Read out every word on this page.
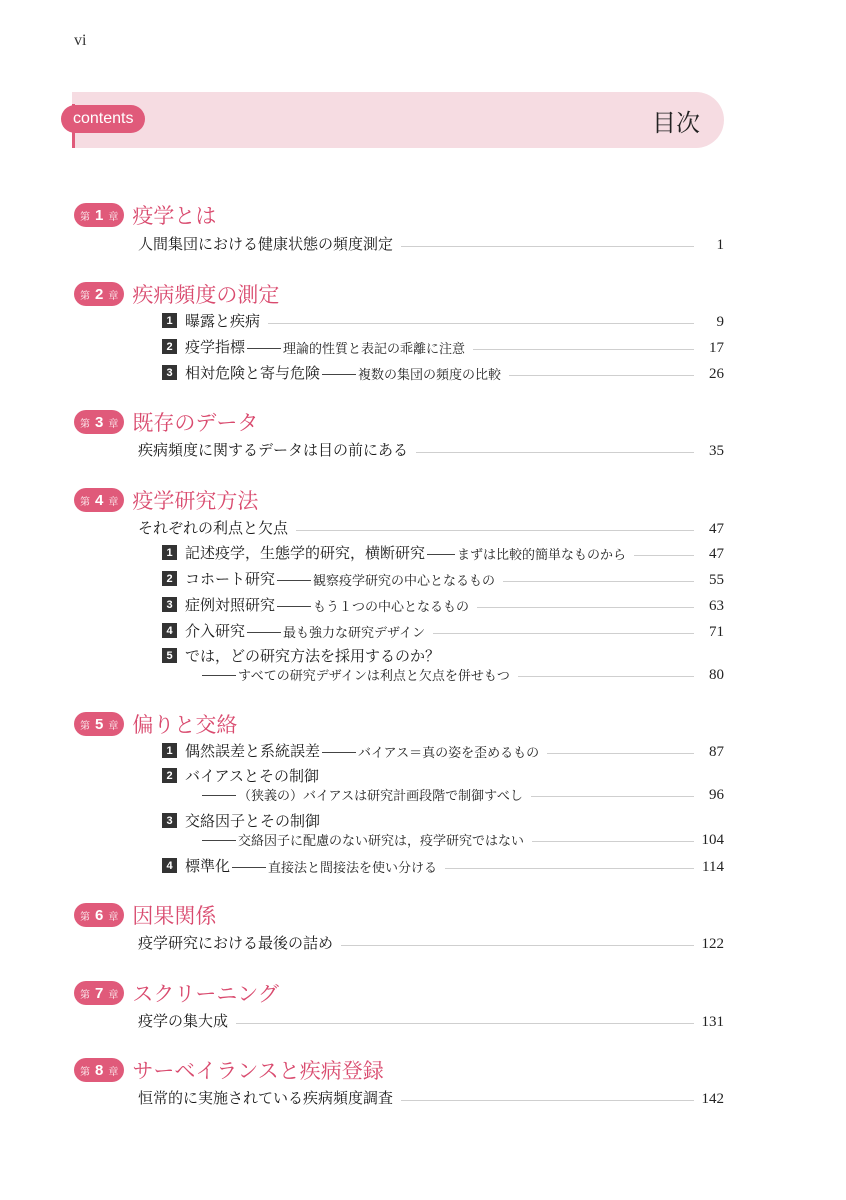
vi
contents	目次
第 1 章 疫学とは
人間集団における健康状態の頻度測定	1
第 2 章 疾病頻度の測定
1 曝露と疾病	9
2 疫学指標	理論的性質と表記の乖離に注意	17
3 相対危険と寄与危険	複数の集団の頻度の比較	26
第 3 章 既存のデータ
疾病頻度に関するデータは目の前にある	35
第 4 章 疫学研究方法
それぞれの利点と欠点	47
1 記述疫学，生態学的研究，横断研究 まずは比較的簡単なものから	47
2 コホート研究	観察疫学研究の中心となるもの	55
3 症例対照研究	もう１つの中心となるもの	63
4 介入研究	最も強力な研究デザイン	71
5 では，どの研究方法を採用するのか？
すべての研究デザインは利点と欠点を併せもつ	80
第 5 章 偏りと交絡
1 偶然誤差と系統誤差	バイアス＝真の姿を歪めるもの	87
2 バイアスとその制御
（狭義の）バイアスは研究計画段階で制御すべし	96
3 交絡因子とその制御
交絡因子に配慮のない研究は，疫学研究ではない	104
4 標準化	直接法と間接法を使い分ける	114
第 6 章 因果関係
疫学研究における最後の詰め	122
第 7 章 スクリーニング
疫学の集大成	131
第 8 章 サーベイランスと疾病登録
恒常的に実施されている疾病頻度調査	142
